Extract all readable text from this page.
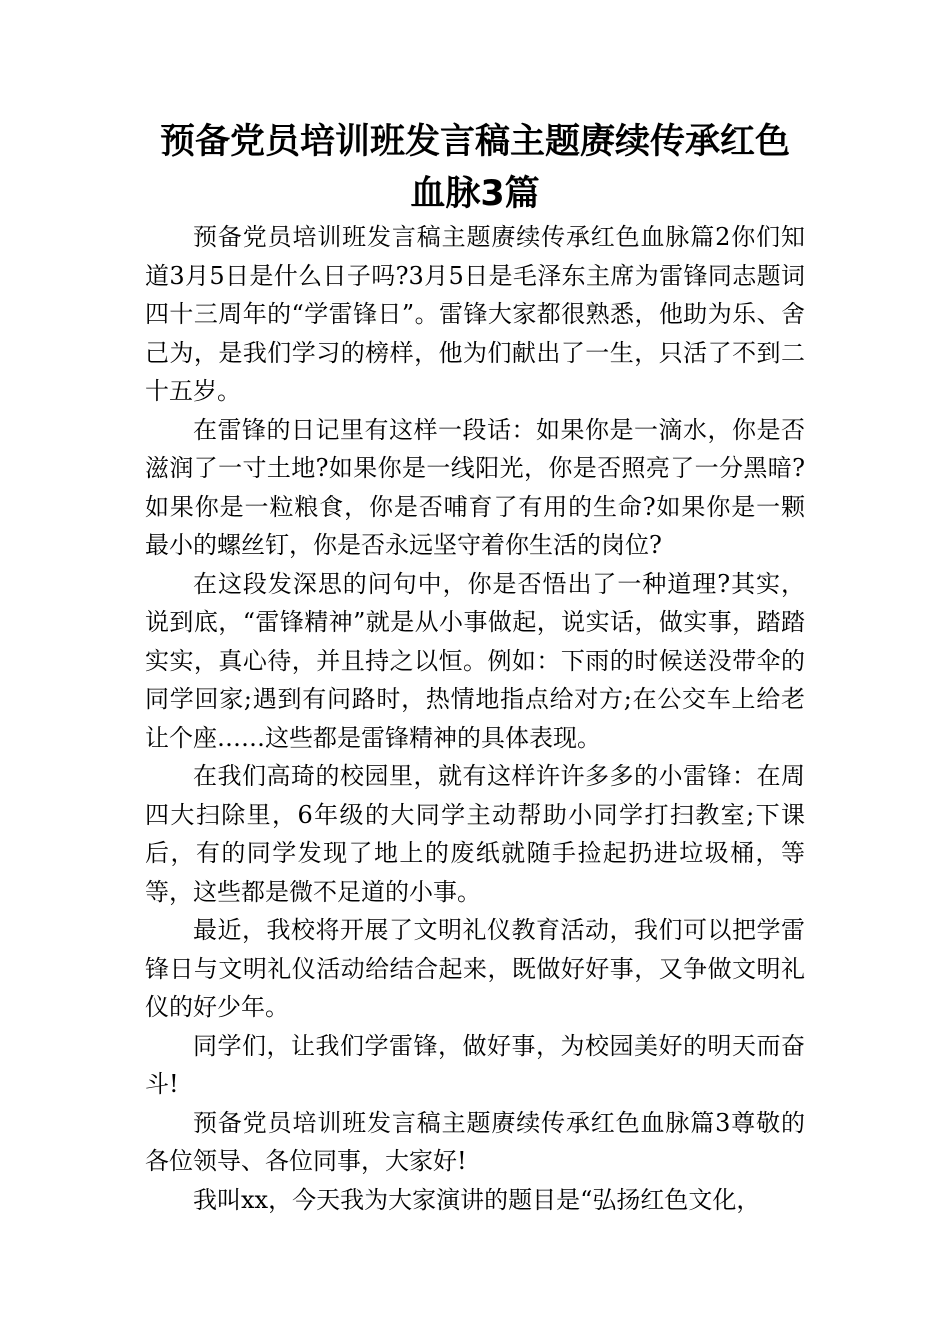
预备党员培训班发言稿主题赓续传承红色血脉3篇

预备党员培训班发言稿主题赓续传承红色血脉篇2你们知道3月5日是什么日子吗?3月5日是毛泽东主席为雷锋同志题词四十三周年的“学雷锋日”。雷锋大家都很熟悉，他助为乐、舍己为，是我们学习的榜样，他为们献出了一生，只活了不到二十五岁。

在雷锋的日记里有这样一段话：如果你是一滴水，你是否滋润了一寸土地?如果你是一线阳光，你是否照亮了一分黑暗?如果你是一粒粮食，你是否哺育了有用的生命?如果你是一颗最小的螺丝钉，你是否永远坚守着你生活的岗位?

在这段发深思的问句中，你是否悟出了一种道理?其实，说到底，“雷锋精神”就是从小事做起，说实话，做实事，踏踏实实，真心待，并且持之以恒。例如：下雨的时候送没带伞的同学回家;遇到有问路时，热情地指点给对方;在公交车上给老让个座……这些都是雷锋精神的具体表现。

在我们高琦的校园里，就有这样许许多多的小雷锋：在周四大扫除里，6年级的大同学主动帮助小同学打扫教室;下课后，有的同学发现了地上的废纸就随手捡起扔进垃圾桶，等等，这些都是微不足道的小事。

最近，我校将开展了文明礼仪教育活动，我们可以把学雷锋日与文明礼仪活动给结合起来，既做好好事，又争做文明礼仪的好少年。

同学们，让我们学雷锋，做好事，为校园美好的明天而奋斗!

预备党员培训班发言稿主题赓续传承红色血脉篇3尊敬的各位领导、各位同事，大家好!

我叫xx，今天我为大家演讲的题目是“弘扬红色文化，
